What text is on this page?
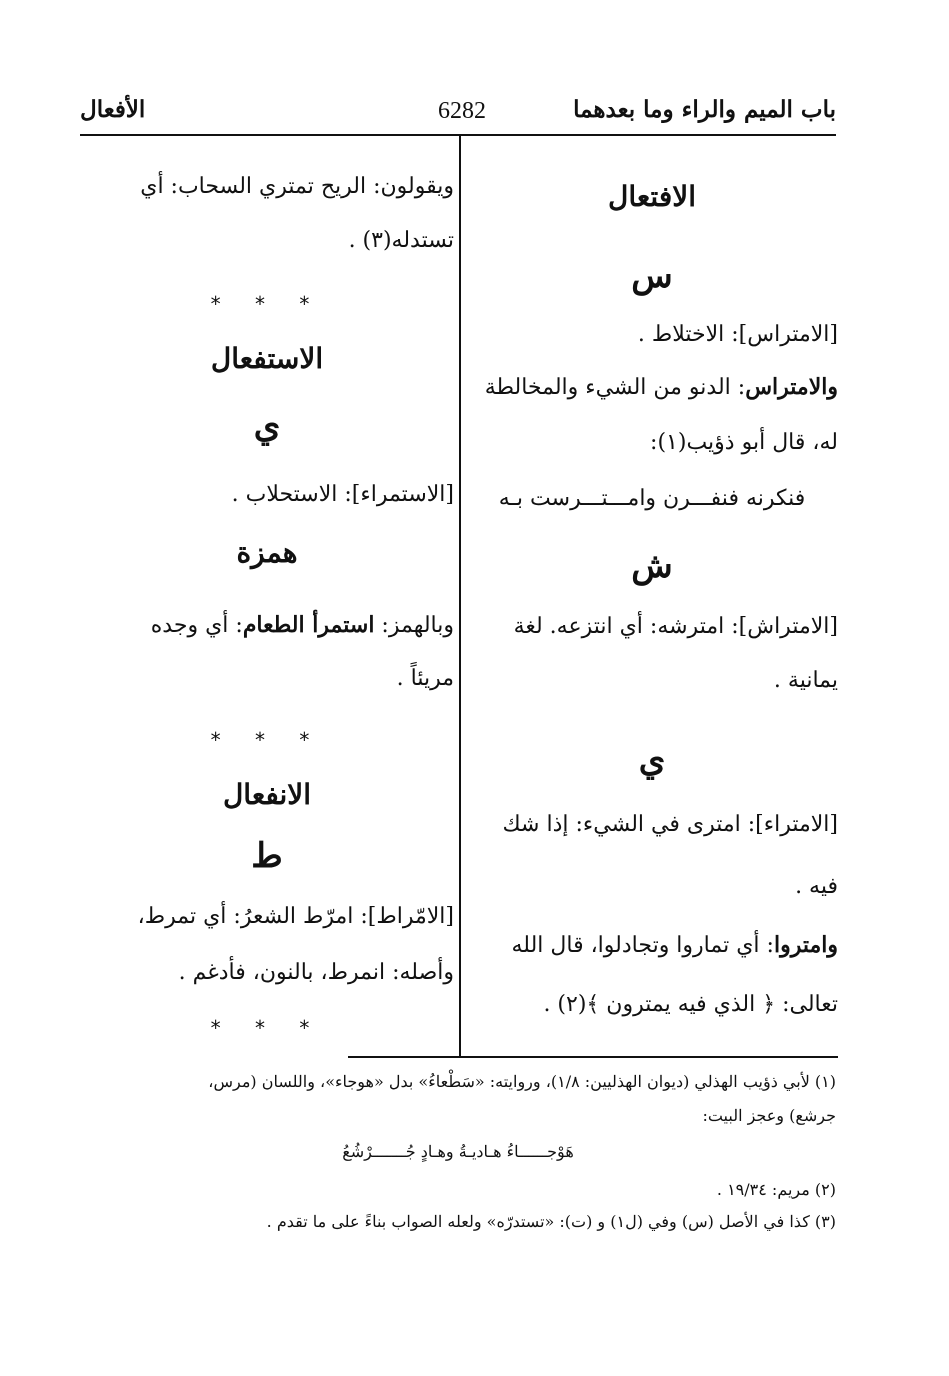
باب الميم والراء وما بعدهما
6282
الأفعال
الافتعال
س
[الامتراس]: الاختلاط .
والامتراس: الدنو من الشيء والمخالطة
له، قال أبو ذؤيب(١):
فنكرنه فنفـــرن وامـــتـــرست بـه
ش
[الامتراش]: امترشه: أي انتزعه. لغة
يمانية .
ي
[الامتراء]: امترى في الشيء: إذا شك
فيه .
وامتروا: أي تماروا وتجادلوا، قال الله
تعالى: ﴿ الذي فيه يمترون ﴾(٢) .
ويقولون: الريح تمتري السحاب: أي
تستدله(٣) .
* * *
الاستفعال
ي
[الاستمراء]: الاستحلاب .
همزة
وبالهمز: استمرأ الطعام: أي وجده
مريئاً .
* * *
الانفعال
ط
[الامّراط]: امرّط الشعرُ: أي تمرط،
وأصله: انمرط، بالنون، فأدغم .
* * *
(١) لأبي ذؤيب الهذلي (ديوان الهذليين: ١/٨)، وروايته: «سَطْعاءُ» بدل «هوجاء»، واللسان (مرس،
جرشع) وعجز البيت:
هَوْجــــــاءُ هـاديـةُ وهـادٍ جُـــــــرْشُعُ
(٢) مريم: ١٩/٣٤ .
(٣) كذا في الأصل (س) وفي (ل١) و (ت): «تستدرّه» ولعله الصواب بناءً على ما تقدم .
